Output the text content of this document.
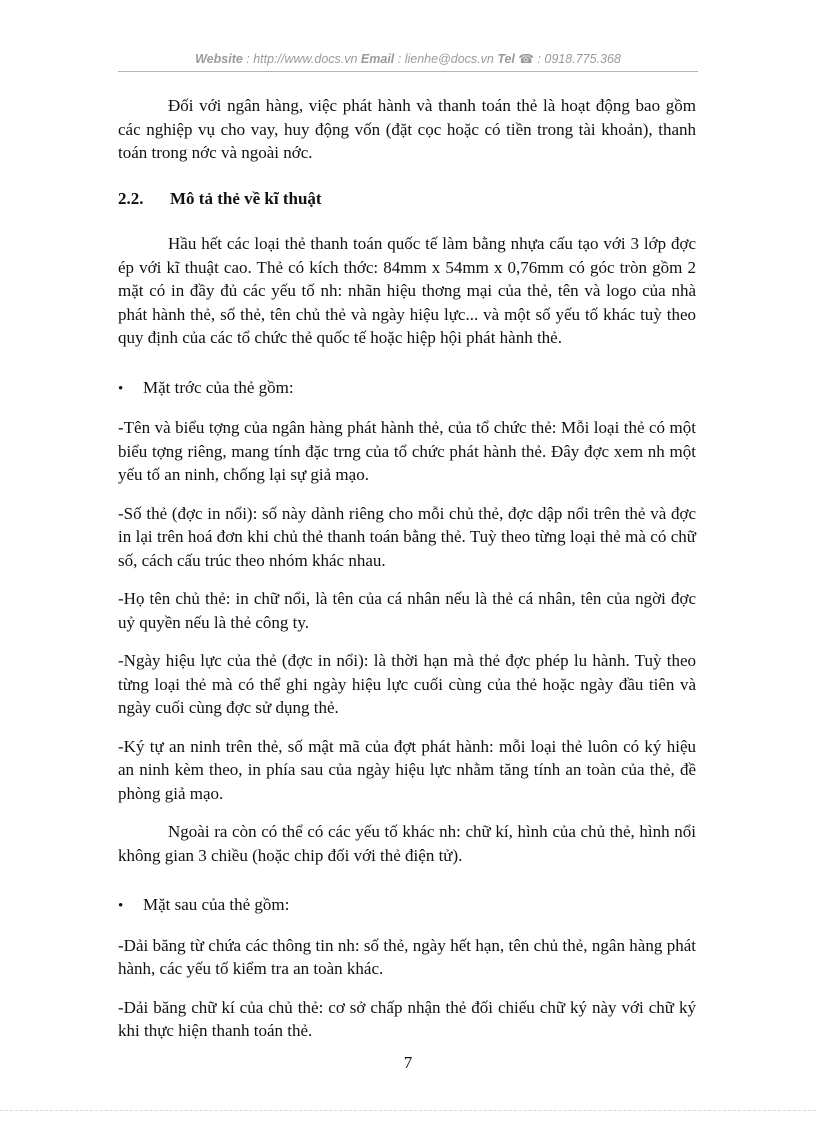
Website : http://www.docs.vn Email : lienhe@docs.vn Tel ☎ : 0918.775.368

Đối với ngân hàng, việc phát hành và thanh toán thẻ là hoạt động bao gồm các nghiệp vụ cho vay, huy động vốn (đặt cọc hoặc có tiền trong tài khoản), thanh toán trong nớc và ngoài nớc.

2.2. Mô tả thẻ về kĩ thuật

Hầu hết các loại thẻ thanh toán quốc tế làm bằng nhựa cấu tạo với 3 lớp đợc ép với kĩ thuật cao. Thẻ có kích thớc: 84mm x 54mm x 0,76mm có góc tròn gồm 2 mặt có in đầy đủ các yếu tố nh: nhãn hiệu thơng mại của thẻ, tên và logo của nhà phát hành thẻ, số thẻ, tên chủ thẻ và ngày hiệu lực... và một số yếu tố khác tuỳ theo quy định của các tổ chức thẻ quốc tế hoặc hiệp hội phát hành thẻ.

• Mặt trớc của thẻ gồm:

-Tên và biểu tợng của ngân hàng phát hành thẻ, của tổ chức thẻ: Mỗi loại thẻ có một biểu tợng riêng, mang tính đặc trng của tổ chức phát hành thẻ. Đây đợc xem nh một yếu tố an ninh, chống lại sự giả mạo.

-Số thẻ (đợc in nổi): số này dành riêng cho mỗi chủ thẻ, đợc dập nổi trên thẻ và đợc in lại trên hoá đơn khi chủ thẻ thanh toán bằng thẻ. Tuỳ theo từng loại thẻ mà có chữ số, cách cấu trúc theo nhóm khác nhau.

-Họ tên chủ thẻ: in chữ nổi, là tên của cá nhân nếu là thẻ cá nhân, tên của ngời đợc uỷ quyền nếu là thẻ công ty.

-Ngày hiệu lực của thẻ (đợc in nổi): là thời hạn mà thẻ đợc phép lu hành. Tuỳ theo từng loại thẻ mà có thể ghi ngày hiệu lực cuối cùng của thẻ hoặc ngày đầu tiên và ngày cuối cùng đợc sử dụng thẻ.

-Ký tự an ninh trên thẻ, số mật mã của đợt phát hành: mỗi loại thẻ luôn có ký hiệu an ninh kèm theo, in phía sau của ngày hiệu lực nhằm tăng tính an toàn của thẻ, đề phòng giả mạo.

Ngoài ra còn có thể có các yếu tố khác nh: chữ kí, hình của chủ thẻ, hình nổi không gian 3 chiều (hoặc chip đối với thẻ điện tử).

• Mặt sau của thẻ gồm:

-Dải băng từ chứa các thông tin nh: số thẻ, ngày hết hạn, tên chủ thẻ, ngân hàng phát hành, các yếu tố kiểm tra an toàn khác.

-Dải băng chữ kí của chủ thẻ: cơ sở chấp nhận thẻ đối chiếu chữ ký này với chữ ký khi thực hiện thanh toán thẻ.

7
